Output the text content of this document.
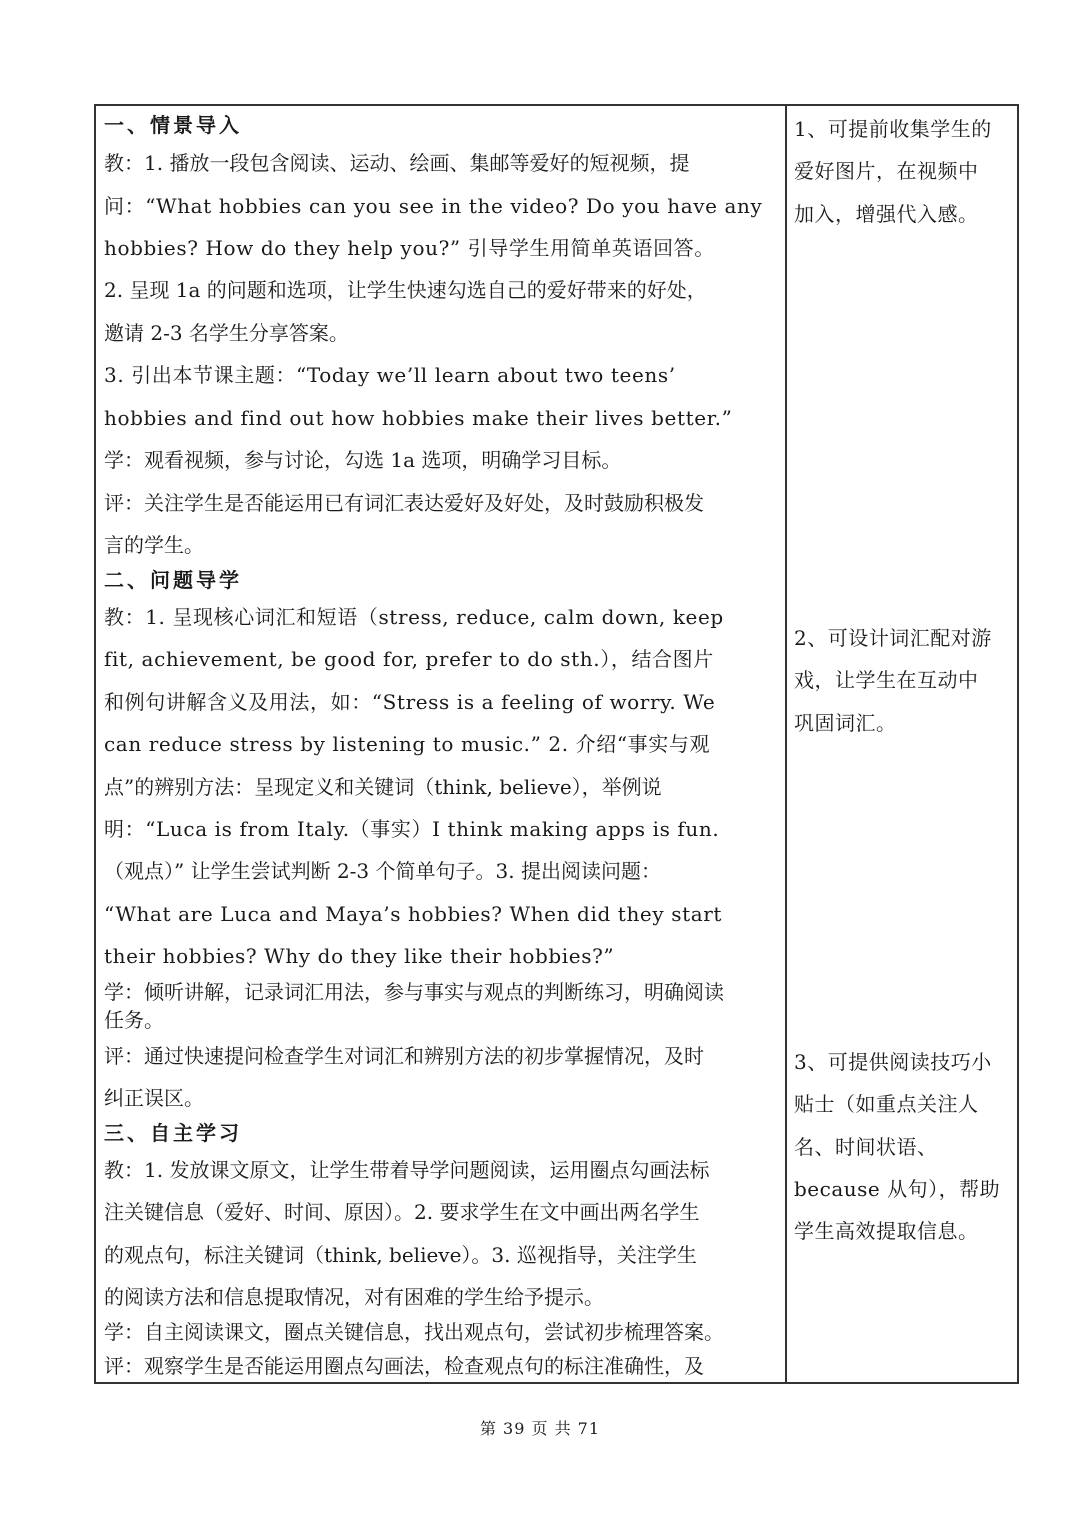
一、情景导入
教：1. 播放一段包含阅读、运动、绘画、集邮等爱好的短视频，提
问：“What hobbies can you see in the video? Do you have any
hobbies? How do they help you?” 引导学生用简单英语回答。
2. 呈现 1a 的问题和选项，让学生快速勾选自己的爱好带来的好处，
邀请 2-3 名学生分享答案。
3. 引出本节课主题：“Today we’ll learn about two teens’
hobbies and find out how hobbies make their lives better.”
学：观看视频，参与讨论，勾选 1a 选项，明确学习目标。
评：关注学生是否能运用已有词汇表达爱好及好处，及时鼓励积极发
言的学生。
二、问题导学
教：1. 呈现核心词汇和短语（stress, reduce, calm down, keep
fit, achievement, be good for, prefer to do sth.），结合图片
和例句讲解含义及用法，如：“Stress is a feeling of worry. We
can reduce stress by listening to music.” 2. 介绍“事实与观
点”的辨别方法：呈现定义和关键词（think, believe），举例说
明：“Luca is from Italy.（事实）I think making apps is fun.
（观点）” 让学生尝试判断 2-3 个简单句子。3. 提出阅读问题：
“What are Luca and Maya’s hobbies? When did they start
their hobbies? Why do they like their hobbies?”
学：倾听讲解，记录词汇用法，参与事实与观点的判断练习，明确阅读
任务。
评：通过快速提问检查学生对词汇和辨别方法的初步掌握情况，及时
纠正误区。
三、自主学习
教：1. 发放课文原文，让学生带着导学问题阅读，运用圈点勾画法标
注关键信息（爱好、时间、原因）。2. 要求学生在文中画出两名学生
的观点句，标注关键词（think, believe）。3. 巡视指导，关注学生
的阅读方法和信息提取情况，对有困难的学生给予提示。
学：自主阅读课文，圈点关键信息，找出观点句，尝试初步梳理答案。
评：观察学生是否能运用圈点勾画法，检查观点句的标注准确性，及
1、可提前收集学生的
爱好图片，在视频中
加入，增强代入感。
2、可设计词汇配对游
戏，让学生在互动中
巩固词汇。
3、可提供阅读技巧小
贴士（如重点关注人
名、时间状语、
because 从句），帮助
学生高效提取信息。
第 39 页 共 71
